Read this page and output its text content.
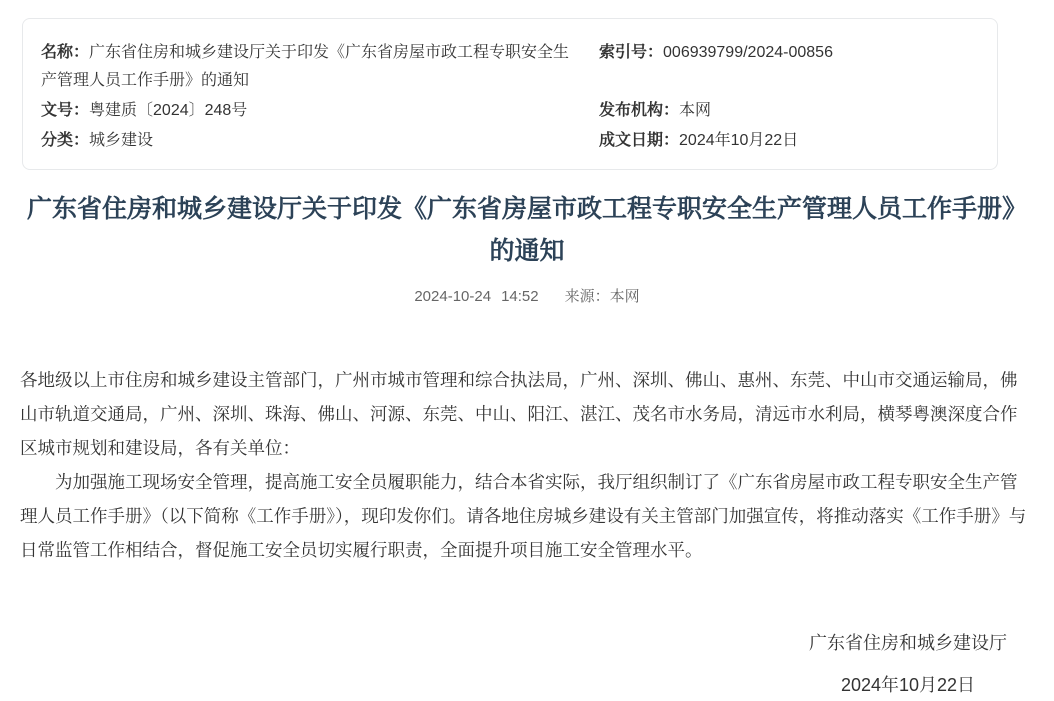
名称：广东省住房和城乡建设厅关于印发《广东省房屋市政工程专职安全生产管理人员工作手册》的通知
索引号：006939799/2024-00856
文号：粤建质〔2024〕248号	发布机构：本网
分类：城乡建设	成文日期：2024年10月22日
广东省住房和城乡建设厅关于印发《广东省房屋市政工程专职安全生产管理人员工作手册》的通知
2024-10-24 14:52 来源：本网

各地级以上市住房和城乡建设主管部门，广州市城市管理和综合执法局，广州、深圳、佛山、惠州、东莞、中山市交通运输局，佛山市轨道交通局，广州、深圳、珠海、佛山、河源、东莞、中山、阳江、湛江、茂名市水务局，清远市水利局，横琴粤澳深度合作区城市规划和建设局，各有关单位：

为加强施工现场安全管理，提高施工安全员履职能力，结合本省实际，我厅组织制订了《广东省房屋市政工程专职安全生产管理人员工作手册》（以下简称《工作手册》），现印发你们。请各地住房城乡建设有关主管部门加强宣传，将推动落实《工作手册》与日常监管工作相结合，督促施工安全员切实履行职责，全面提升项目施工安全管理水平。

广东省住房和城乡建设厅
2024年10月22日
